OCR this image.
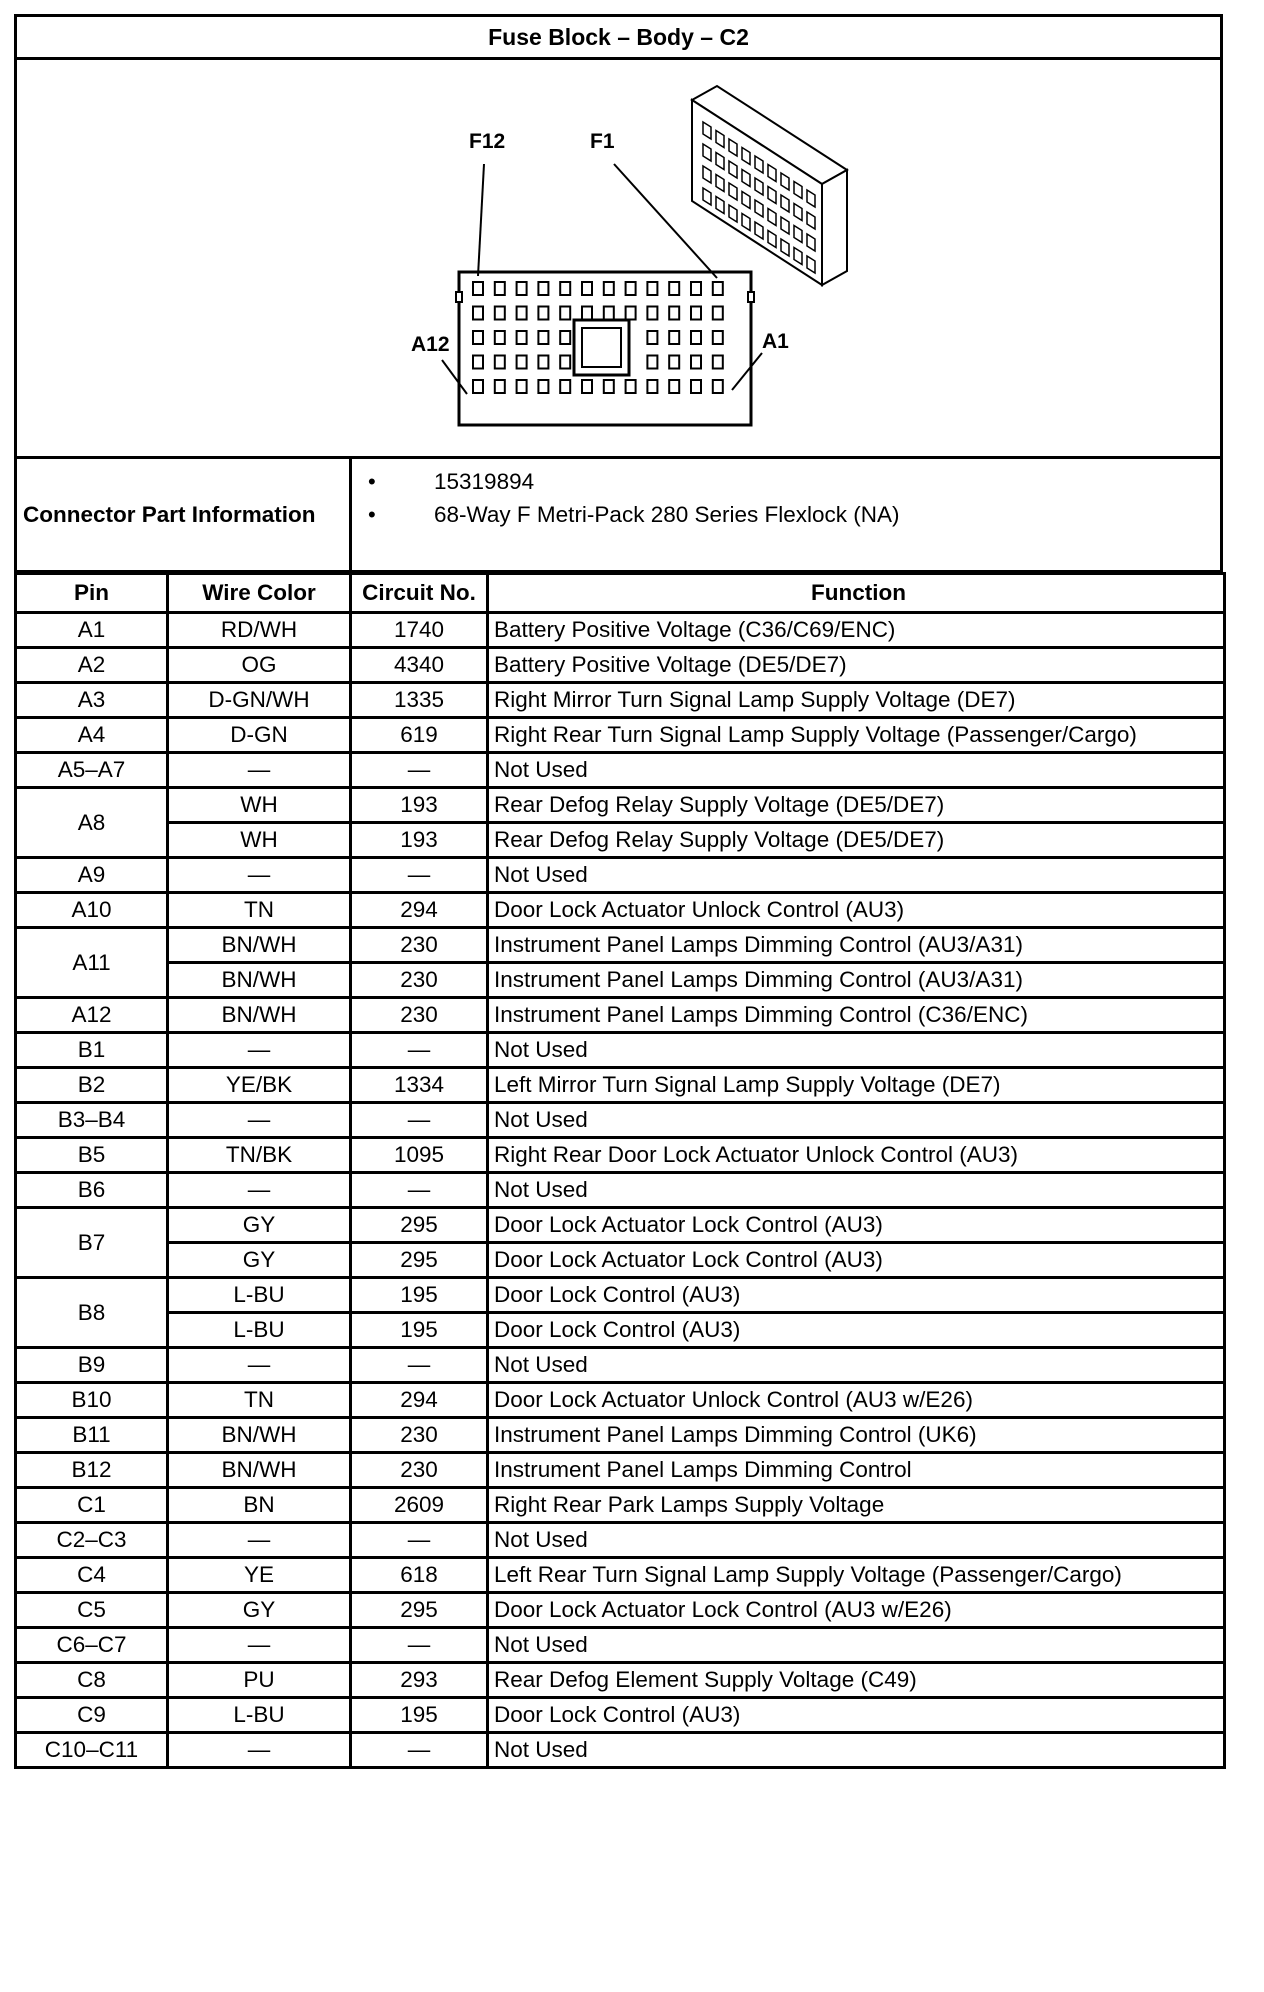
Fuse Block – Body – C2
F12	F1
A12	A1
Connector Part Information
• 15319894
• 68-Way F Metri-Pack 280 Series Flexlock (NA)
Pin	Wire Color	Circuit No.	Function
A1	RD/WH	1740	Battery Positive Voltage (C36/C69/ENC)
A2	OG	4340	Battery Positive Voltage (DE5/DE7)
A3	D-GN/WH	1335	Right Mirror Turn Signal Lamp Supply Voltage (DE7)
A4	D-GN	619	Right Rear Turn Signal Lamp Supply Voltage (Passenger/Cargo)
A5–A7	—	—	Not Used
A8	WH	193	Rear Defog Relay Supply Voltage (DE5/DE7)
	WH	193	Rear Defog Relay Supply Voltage (DE5/DE7)
A9	—	—	Not Used
A10	TN	294	Door Lock Actuator Unlock Control (AU3)
A11	BN/WH	230	Instrument Panel Lamps Dimming Control (AU3/A31)
	BN/WH	230	Instrument Panel Lamps Dimming Control (AU3/A31)
A12	BN/WH	230	Instrument Panel Lamps Dimming Control (C36/ENC)
B1	—	—	Not Used
B2	YE/BK	1334	Left Mirror Turn Signal Lamp Supply Voltage (DE7)
B3–B4	—	—	Not Used
B5	TN/BK	1095	Right Rear Door Lock Actuator Unlock Control (AU3)
B6	—	—	Not Used
B7	GY	295	Door Lock Actuator Lock Control (AU3)
	GY	295	Door Lock Actuator Lock Control (AU3)
B8	L-BU	195	Door Lock Control (AU3)
	L-BU	195	Door Lock Control (AU3)
B9	—	—	Not Used
B10	TN	294	Door Lock Actuator Unlock Control (AU3 w/E26)
B11	BN/WH	230	Instrument Panel Lamps Dimming Control (UK6)
B12	BN/WH	230	Instrument Panel Lamps Dimming Control
C1	BN	2609	Right Rear Park Lamps Supply Voltage
C2–C3	—	—	Not Used
C4	YE	618	Left Rear Turn Signal Lamp Supply Voltage (Passenger/Cargo)
C5	GY	295	Door Lock Actuator Lock Control (AU3 w/E26)
C6–C7	—	—	Not Used
C8	PU	293	Rear Defog Element Supply Voltage (C49)
C9	L-BU	195	Door Lock Control (AU3)
C10–C11	—	—	Not Used
